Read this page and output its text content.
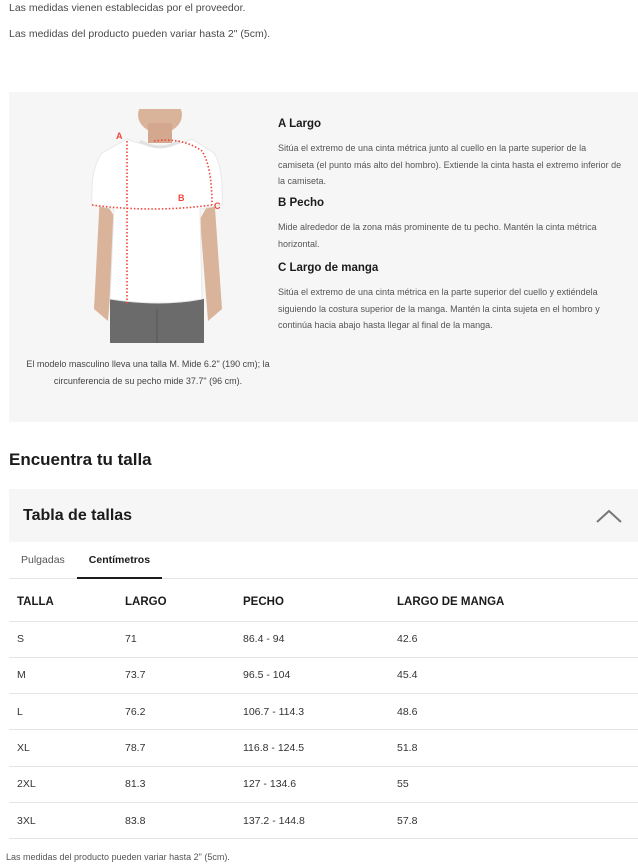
Las medidas vienen establecidas por el proveedor.
Las medidas del producto pueden variar hasta 2" (5cm).
A
B
C
El modelo masculino lleva una talla M. Mide 6.2" (190 cm); la circunferencia de su pecho mide 37.7" (96 cm).
A Largo

Sitúa el extremo de una cinta métrica junto al cuello en la parte superior de la camiseta (el punto más alto del hombro). Extiende la cinta hasta el extremo inferior de la camiseta.

B Pecho

Mide alrededor de la zona más prominente de tu pecho. Mantén la cinta métrica horizontal.

C Largo de manga

Sitúa el extremo de una cinta métrica en la parte superior del cuello y extiéndela siguiendo la costura superior de la manga. Mantén la cinta sujeta en el hombro y continúa hacia abajo hasta llegar al final de la manga.

Encuentra tu talla
Tabla de tallas
Pulgadas	Centímetros
TALLA	LARGO	PECHO	LARGO DE MANGA
S	71	86.4 - 94	42.6
M	73.7	96.5 - 104	45.4
L	76.2	106.7 - 114.3	48.6
XL	78.7	116.8 - 124.5	51.8
2XL	81.3	127 - 134.6	55
3XL	83.8	137.2 - 144.8	57.8
Las medidas del producto pueden variar hasta 2" (5cm).
